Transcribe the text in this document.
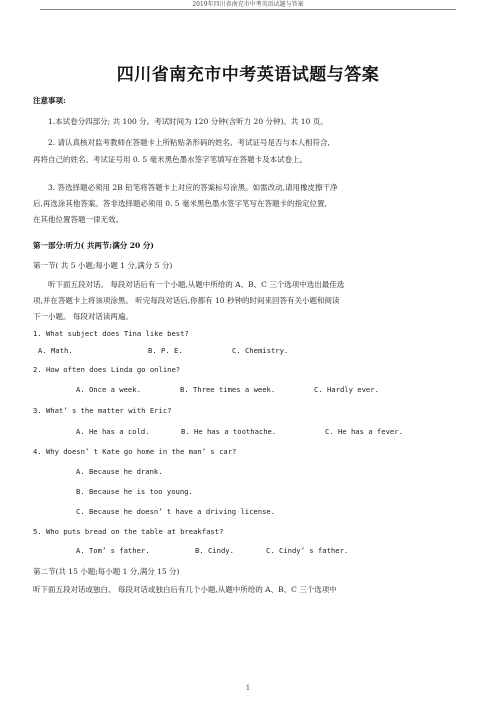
2019年四川省南充市中考英语试题与答案
四川省南充市中考英语试题与答案
注意事项:
1.本试卷分四部分; 共 100 分。考试时间为 120 分钟(含听力 20 分钟)。共 10 页。
2. 请认真核对监考教师在答题卡上所粘贴条形码的姓名、考试证号是否与本人相符合,
再将自己的姓名、考试证号用 0. 5 毫米黑色墨水签字笔填写在答题卡及本试卷上。
3. 答选择题必须用 2B 铅笔将答题卡上对应的答案标号涂黑。如需改动,请用橡皮擦干净
后,再选涂其他答案。答非选择题必须用 0. 5 毫米黑色墨水签字笔写在答题卡的指定位置,
在其他位置答题一律无效。
第一部分:听力( 共两节;满分 20 分)
第一节( 共 5 小题;每小题 1 分,满分 5 分)
听下面五段对话。 每段对话后有一个小题,从题中所给的 A、B、C 三个选项中选出最佳选
项,并在答题卡上将该项涂黑。 听完每段对话后,你都有 10 秒钟的时间来回答有关小题和阅读
下一小题。 每段对话读两遍。
1. What subject does Tina like best?
A. Math.	B. P. E.	C. Chemistry.
2. How often does Linda go online?
A. Once a week.	B. Three times a week.	C. Hardly ever.
3. What’ s the matter with Eric?
A. He has a cold.	B. He has a toothache.	C. He has a fever.
4. Why doesn’ t Kate go home in the man’ s car?
A. Because he drank.
B. Because he is too young.
C. Because he doesn’ t have a driving license.
5. Who puts bread on the table at breakfast?
A. Tom’ s father.	B. Cindy.	C. Cindy’ s father.
第二节(共 15 小题;每小题 1 分,满分 15 分)
听下面五段对话或独白。 每段对话或独白后有几个小题,从题中所给的 A、B、C 三个选项中
1
